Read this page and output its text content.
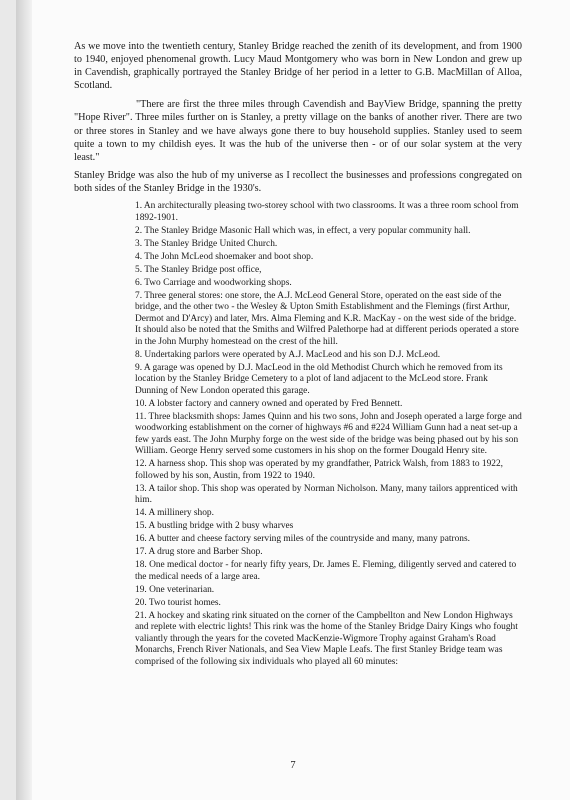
As we move into the twentieth century, Stanley Bridge reached the zenith of its development, and from 1900 to 1940, enjoyed phenomenal growth. Lucy Maud Montgomery who was born in New London and grew up in Cavendish, graphically portrayed the Stanley Bridge of her period in a letter to G.B. MacMillan of Alloa, Scotland.

"There are first the three miles through Cavendish and BayView Bridge, spanning the pretty "Hope River". Three miles further on is Stanley, a pretty village on the banks of another river. There are two or three stores in Stanley and we have always gone there to buy household supplies. Stanley used to seem quite a town to my childish eyes. It was the hub of the universe then - or of our solar system at the very least."

Stanley Bridge was also the hub of my universe as I recollect the businesses and professions congregated on both sides of the Stanley Bridge in the 1930's.

1. An architecturally pleasing two-storey school with two classrooms. It was a three room school from 1892-1901.
2. The Stanley Bridge Masonic Hall which was, in effect, a very popular community hall.
3. The Stanley Bridge United Church.
4. The John McLeod shoemaker and boot shop.
5. The Stanley Bridge post office,
6. Two Carriage and woodworking shops.
7. Three general stores: one store, the A.J. McLeod General Store, operated on the east side of the bridge, and the other two - the Wesley & Upton Smith Establishment and the Flemings (first Arthur, Dermot and D'Arcy) and later, Mrs. Alma Fleming and K.R. MacKay - on the west side of the bridge. It should also be noted that the Smiths and Wilfred Palethorpe had at different periods operated a store in the John Murphy homestead on the crest of the hill.
8. Undertaking parlors were operated by A.J. MacLeod and his son D.J. McLeod.
9. A garage was opened by D.J. MacLeod in the old Methodist Church which he removed from its location by the Stanley Bridge Cemetery to a plot of land adjacent to the McLeod store. Frank Dunning of New London operated this garage.
10. A lobster factory and cannery owned and operated by Fred Bennett.
11. Three blacksmith shops: James Quinn and his two sons, John and Joseph operated a large forge and woodworking establishment on the corner of highways #6 and #224 William Gunn had a neat set-up a few yards east. The John Murphy forge on the west side of the bridge was being phased out by his son William. George Henry served some customers in his shop on the former Dougald Henry site.
12. A harness shop. This shop was operated by my grandfather, Patrick Walsh, from 1883 to 1922, followed by his son, Austin, from 1922 to 1940.
13. A tailor shop. This shop was operated by Norman Nicholson. Many, many tailors apprenticed with him.
14. A millinery shop.
15. A bustling bridge with 2 busy wharves
16. A butter and cheese factory serving miles of the countryside and many, many patrons.
17. A drug store and Barber Shop.
18. One medical doctor - for nearly fifty years, Dr. James E. Fleming, diligently served and catered to the medical needs of a large area.
19. One veterinarian.
20. Two tourist homes.
21. A hockey and skating rink situated on the corner of the Campbellton and New London Highways and replete with electric lights! This rink was the home of the Stanley Bridge Dairy Kings who fought valiantly through the years for the coveted MacKenzie-Wigmore Trophy against Graham's Road Monarchs, French River Nationals, and Sea View Maple Leafs. The first Stanley Bridge team was comprised of the following six individuals who played all 60 minutes:
7
